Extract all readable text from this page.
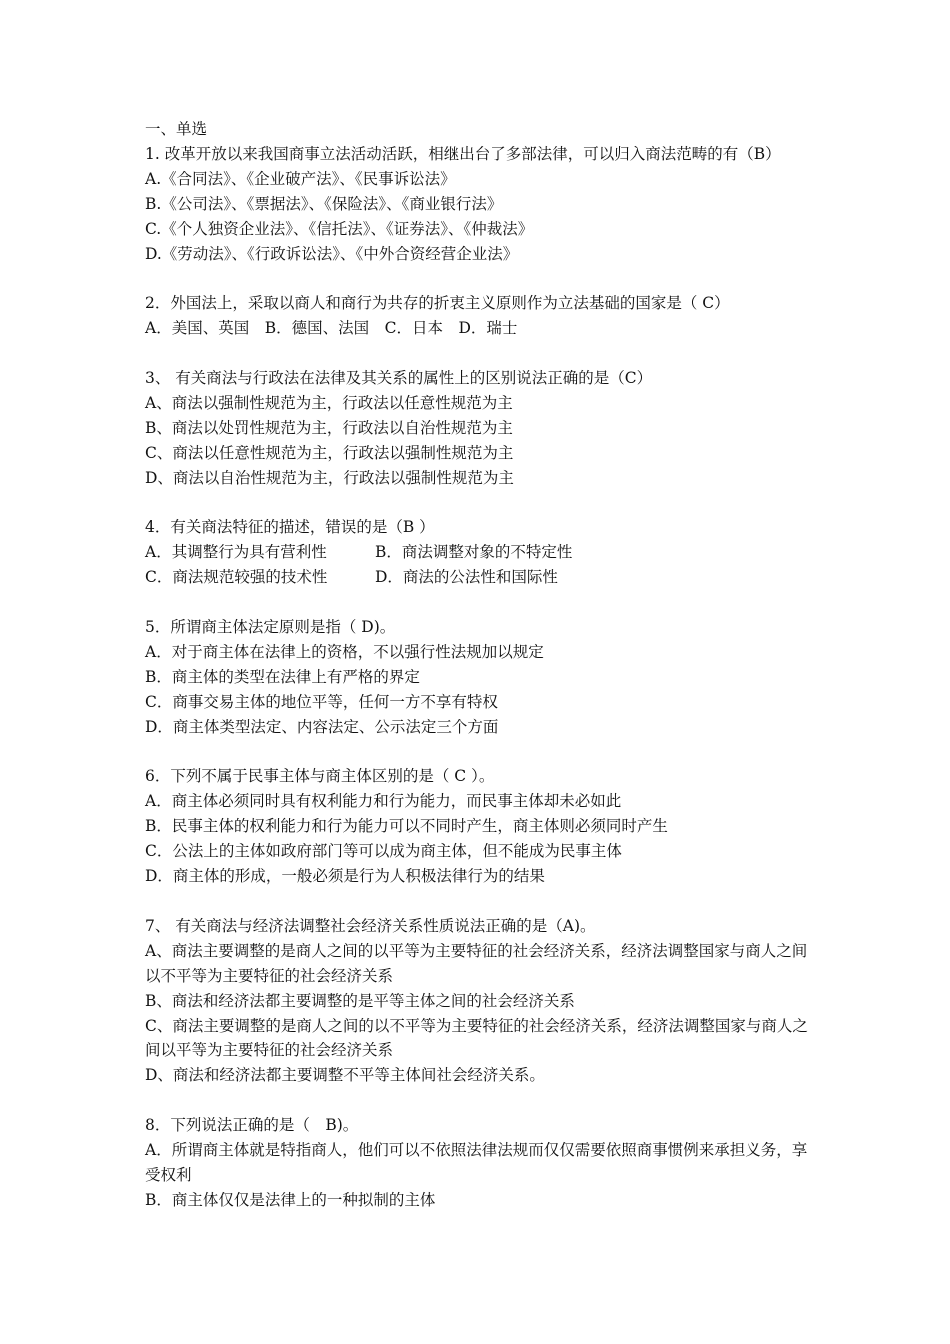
一、单选
1. 改革开放以来我国商事立法活动活跃，相继出台了多部法律，可以归入商法范畴的有（B）
A.《合同法》、《企业破产法》、《民事诉讼法》
B.《公司法》、《票据法》、《保险法》、《商业银行法》
C.《个人独资企业法》、《信托法》、《证券法》、《仲裁法》
D.《劳动法》、《行政诉讼法》、《中外合资经营企业法》
2．外国法上，采取以商人和商行为共存的折衷主义原则作为立法基础的国家是（ C）
A．美国、英国　B．德国、法国　C．日本　D．瑞士
3、 有关商法与行政法在法律及其关系的属性上的区别说法正确的是（C）
A、商法以强制性规范为主，行政法以任意性规范为主
B、商法以处罚性规范为主，行政法以自治性规范为主
C、商法以任意性规范为主，行政法以强制性规范为主
D、商法以自治性规范为主，行政法以强制性规范为主
4．有关商法特征的描述，错误的是（B ）
A．其调整行为具有营利性	B．商法调整对象的不特定性
C．商法规范较强的技术性	D．商法的公法性和国际性
5．所谓商主体法定原则是指（ D)。
A．对于商主体在法律上的资格，不以强行性法规加以规定
B．商主体的类型在法律上有严格的界定
C．商事交易主体的地位平等，任何一方不享有特权
D．商主体类型法定、内容法定、公示法定三个方面
6．下列不属于民事主体与商主体区别的是（ C ）。
A．商主体必须同时具有权利能力和行为能力，而民事主体却未必如此
B．民事主体的权利能力和行为能力可以不同时产生，商主体则必须同时产生
C．公法上的主体如政府部门等可以成为商主体，但不能成为民事主体
D．商主体的形成，一般必须是行为人积极法律行为的结果
7、 有关商法与经济法调整社会经济关系性质说法正确的是（A)。
A、商法主要调整的是商人之间的以平等为主要特征的社会经济关系，经济法调整国家与商人之间以不平等为主要特征的社会经济关系
B、商法和经济法都主要调整的是平等主体之间的社会经济关系
C、商法主要调整的是商人之间的以不平等为主要特征的社会经济关系，经济法调整国家与商人之间以平等为主要特征的社会经济关系
D、商法和经济法都主要调整不平等主体间社会经济关系。
8．下列说法正确的是（　B)。
A．所谓商主体就是特指商人，他们可以不依照法律法规而仅仅需要依照商事惯例来承担义务，享受权利
B．商主体仅仅是法律上的一种拟制的主体
